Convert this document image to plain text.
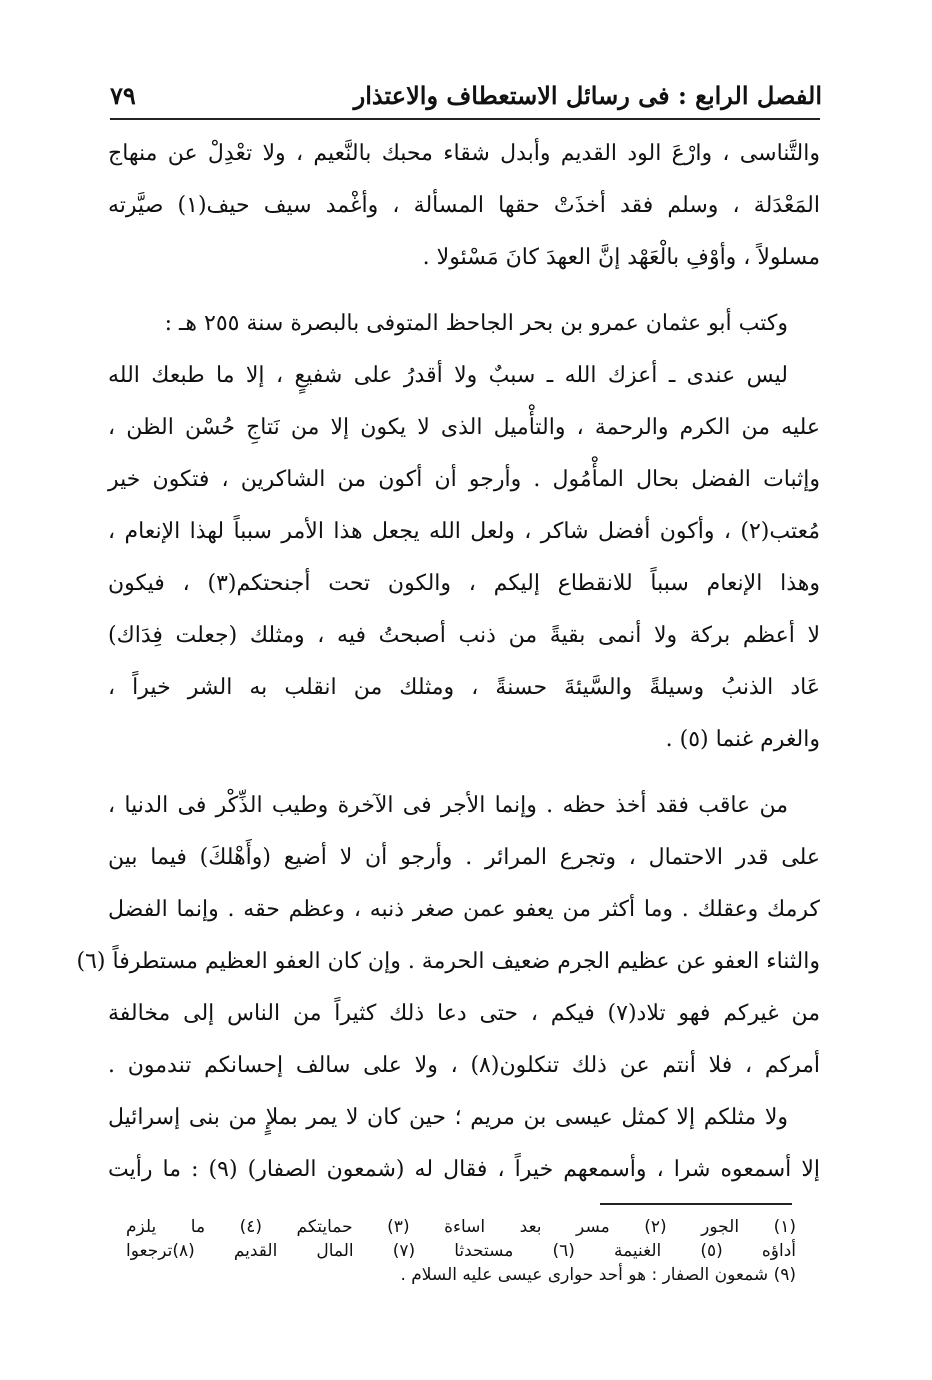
الفصل الرابع : فى رسائل الاستعطاف والاعتذار
٧٩
والتَّناسى ، وارْعَ الود القديم وأبدل شقاء محبك بالنَّعيم ، ولا تعْدِلْ عن منهاج
المَعْدَلة ، وسلم فقد أخذَتْ حقها المسألة ، وأغْمد سيف حيف(١) صيَّرته
مسلولاً ، وأوْفِ بالْعَهْد إنَّ العهدَ كانَ مَسْئولا .
وكتب أبو عثمان عمرو بن بحر الجاحظ المتوفى بالبصرة سنة ٢٥٥ هـ :
ليس عندى ـ أعزك الله ـ سببٌ ولا أقدرُ على شفيعٍ ، إلا ما طبعك الله
عليه من الكرم والرحمة ، والتأْميل الذى لا يكون إلا من نَتاجِ حُسْن الظن ،
وإثبات الفضل بحال المأْمُول . وأرجو أن أكون من الشاكرين ، فتكون خير
مُعتب(٢) ، وأكون أفضل شاكر ، ولعل الله يجعل هذا الأمر سبباً لهذا الإنعام ،
وهذا الإنعام سبباً للانقطاع إليكم ، والكون تحت أجنحتكم(٣) ، فيكون
لا أعظم بركة ولا أنمى بقيةً من ذنب أصبحتُ فيه ، ومثلك (جعلت فِدَاك)
عَاد الذنبُ وسيلةً والسَّيئةَ حسنةً ، ومثلك من انقلب به الشر خيراً ،
والغرم غنما (٥) .
من عاقب فقد أخذ حظه . وإنما الأجر فى الآخرة وطيب الذِّكْر فى الدنيا ،
على قدر الاحتمال ، وتجرع المرائر . وأرجو أن لا أضيع (وأَهْلكَ) فيما بين
كرمك وعقلك . وما أكثر من يعفو عمن صغر ذنبه ، وعظم حقه . وإنما الفضل
والثناء العفو عن عظيم الجرم ضعيف الحرمة . وإن كان العفو العظيم مستطرفاً (٦)
من غيركم فهو تلاد(٧) فيكم ، حتى دعا ذلك كثيراً من الناس إلى مخالفة
أمركم ، فلا أنتم عن ذلك تنكلون(٨) ، ولا على سالف إحسانكم تندمون .
ولا مثلكم إلا كمثل عيسى بن مريم ؛ حين كان لا يمر بملإٍ من بنى إسرائيل
إلا أسمعوه شرا ، وأسمعهم خيراً ، فقال له (شمعون الصفار) (٩) : ما رأيت
(١) الجور (٢) مسر بعد اساءة (٣) حمايتكم (٤) ما يلزم
أداؤه (٥) الغنيمة (٦) مستحدثا (٧) المال القديم (٨)ترجعوا
(٩) شمعون الصفار : هو أحد حوارى عيسى عليه السلام .
